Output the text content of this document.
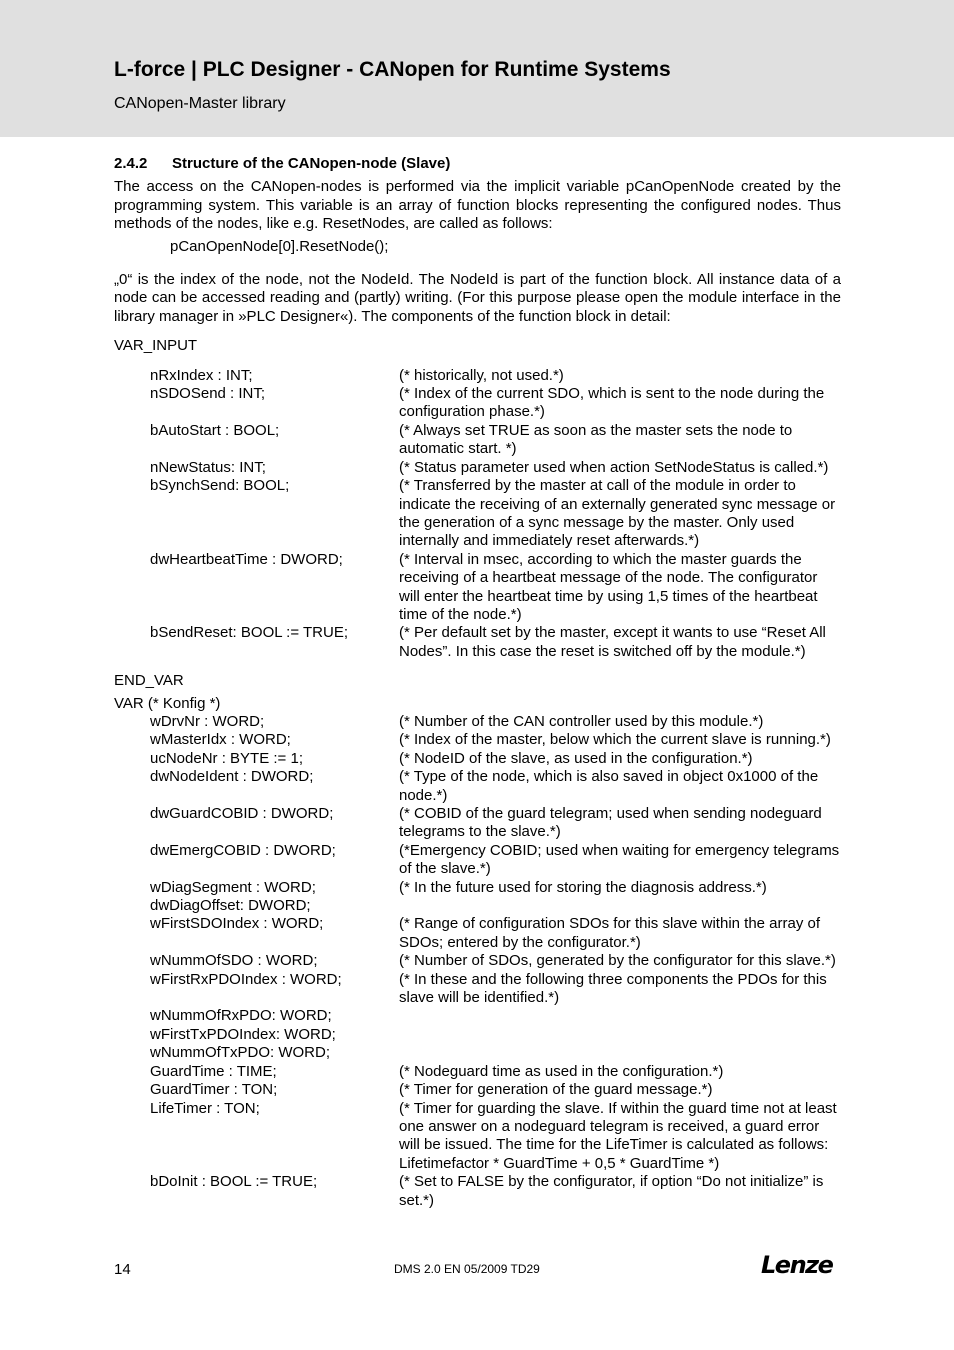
L-force | PLC Designer - CANopen for Runtime Systems
CANopen-Master library
2.4.2 Structure of the CANopen-node (Slave)

The access on the CANopen-nodes is performed via the implicit variable pCanOpenNode created by the programming system. This variable is an array of function blocks representing the configured nodes. Thus methods of the nodes, like e.g. ResetNodes, are called as follows:

pCanOpenNode[0].ResetNode();

„0“ is the index of the node, not the NodeId. The NodeId is part of the function block. All instance data of a node can be accessed reading and (partly) writing. (For this purpose please open the module interface in the library manager in »PLC Designer«). The components of the function block in detail:

VAR_INPUT
nRxIndex : INT;	(* historically, not used.*)
nSDOSend : INT;	(* Index of the current SDO, which is sent to the node during the configuration phase.*)
bAutoStart : BOOL;	(* Always set TRUE as soon as the master sets the node to automatic start. *)
nNewStatus: INT;	(* Status parameter used when action SetNodeStatus is called.*)
bSynchSend: BOOL;	(* Transferred by the master at call of the module in order to indicate the receiving of an externally generated sync message or the generation of a sync message by the master. Only used internally and immediately reset afterwards.*)
dwHeartbeatTime : DWORD;	(* Interval in msec, according to which the master guards the receiving of a heartbeat message of the node. The configurator will enter the heartbeat time by using 1,5 times of the heartbeat time of the node.*)
bSendReset: BOOL := TRUE;	(* Per default set by the master, except it wants to use “Reset All Nodes”. In this case the reset is switched off by the module.*)
END_VAR
VAR (* Konfig *)
wDrvNr : WORD;	(* Number of the CAN controller used by this module.*)
wMasterIdx : WORD;	(* Index of the master, below which the current slave is running.*)
ucNodeNr : BYTE := 1;	(* NodeID of the slave, as used in the configuration.*)
dwNodeIdent : DWORD;	(* Type of the node, which is also saved in object 0x1000 of the node.*)
dwGuardCOBID : DWORD;	(* COBID of the guard telegram; used when sending nodeguard telegrams to the slave.*)
dwEmergCOBID : DWORD;	(*Emergency COBID; used when waiting for emergency telegrams of the slave.*)
wDiagSegment : WORD;	(* In the future used for storing the diagnosis address.*)
dwDiagOffset: DWORD;
wFirstSDOIndex : WORD;	(* Range of configuration SDOs for this slave within the array of SDOs; entered by the configurator.*)
wNummOfSDO : WORD;	(* Number of SDOs, generated by the configurator for this slave.*)
wFirstRxPDOIndex : WORD;	(* In these and the following three components the PDOs for this slave will be identified.*)
wNummOfRxPDO: WORD;
wFirstTxPDOIndex: WORD;
wNummOfTxPDO: WORD;
GuardTime : TIME;	(* Nodeguard time as used in the configuration.*)
GuardTimer : TON;	(* Timer for generation of the guard message.*)
LifeTimer : TON;	(* Timer for guarding the slave. If within the guard time not at least one answer on a nodeguard telegram is received, a guard error will be issued. The time for the LifeTimer is calculated as follows: Lifetimefactor * GuardTime + 0,5 * GuardTime *)
bDoInit : BOOL := TRUE;	(* Set to FALSE by the configurator, if option “Do not initialize” is set.*)
14	DMS 2.0 EN 05/2009 TD29	Lenze
